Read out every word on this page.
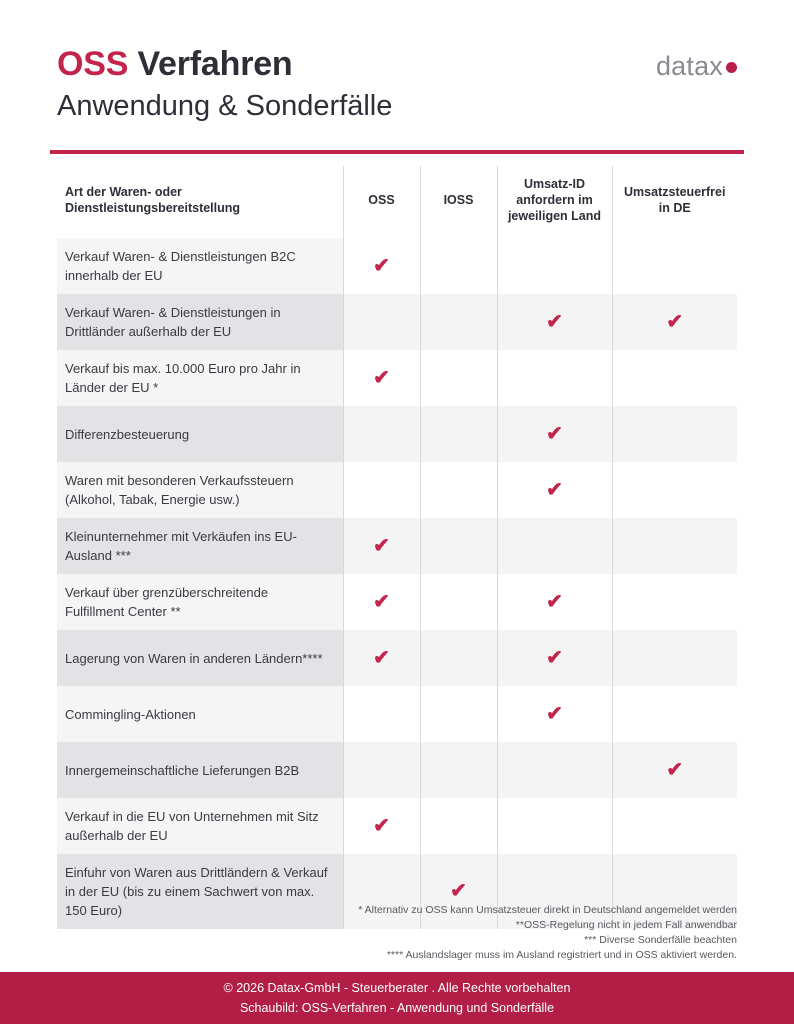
OSS Verfahren
Anwendung & Sonderfälle
datax
Art der Waren- oder Dienstleistungsbereitstellung	OSS	IOSS	Umsatz-ID anfordern im jeweiligen Land	Umsatzsteuerfrei in DE
Verkauf Waren- & Dienstleistungen B2C innerhalb der EU	✔			
Verkauf Waren- & Dienstleistungen in Drittländer außerhalb der EU			✔	✔
Verkauf bis max. 10.000 Euro pro Jahr in Länder der EU *	✔			
Differenzbesteuerung			✔	
Waren mit besonderen Verkaufssteuern (Alkohol, Tabak, Energie usw.)			✔	
Kleinunternehmer mit Verkäufen ins EU-Ausland ***	✔			
Verkauf über grenzüberschreitende Fulfillment Center **	✔		✔	
Lagerung von Waren in anderen Ländern****	✔		✔	
Commingling-Aktionen			✔	
Innergemeinschaftliche Lieferungen B2B				✔
Verkauf in die EU von Unternehmen mit Sitz außerhalb der EU	✔			
Einfuhr von Waren aus Drittländern & Verkauf in der EU (bis zu einem Sachwert von max. 150 Euro)		✔		
* Alternativ zu OSS kann Umsatzsteuer direkt in Deutschland angemeldet werden
**OSS-Regelung nicht in jedem Fall anwendbar
*** Diverse Sonderfälle beachten
**** Auslandslager muss im Ausland registriert und in OSS aktiviert werden.
© 2026 Datax-GmbH - Steuerberater . Alle Rechte vorbehalten
Schaubild: OSS-Verfahren - Anwendung und Sonderfälle
